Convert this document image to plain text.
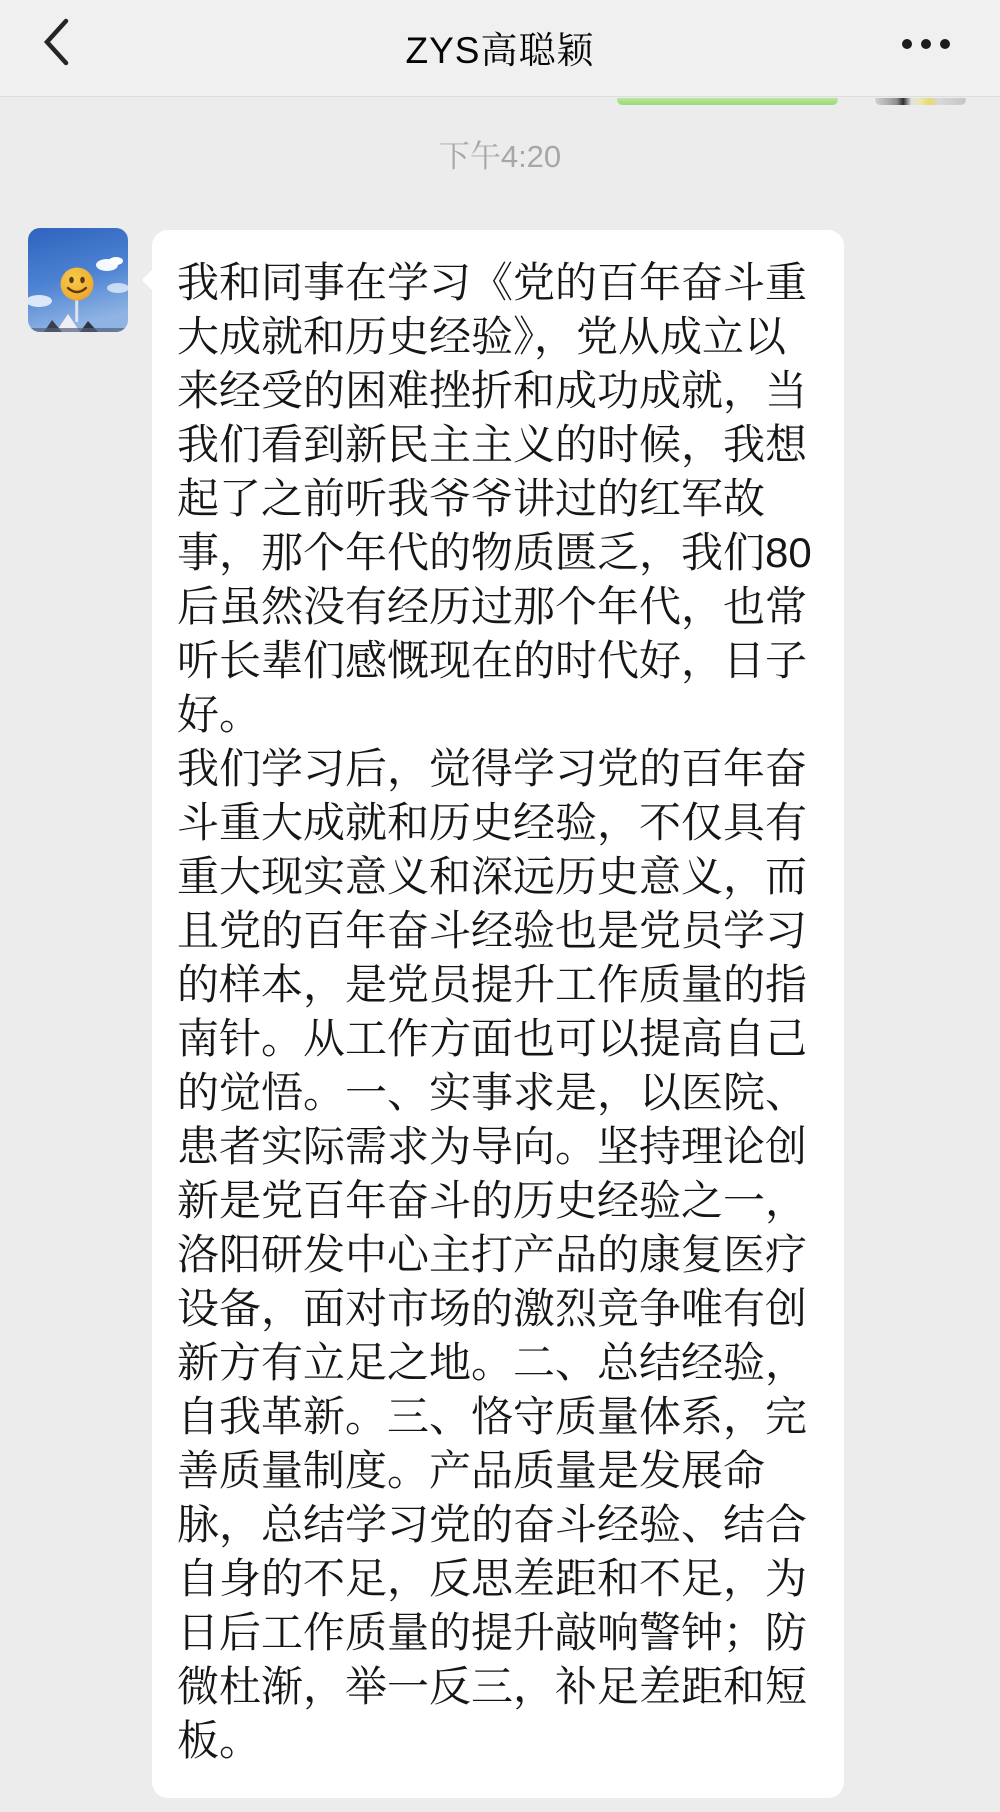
ZYS高聪颖
下午4:20

我和同事在学习《党的百年奋斗重大成就和历史经验》，党从成立以来经受的困难挫折和成功成就，当我们看到新民主主义的时候，我想起了之前听我爷爷讲过的红军故事，那个年代的物质匮乏，我们80 后虽然没有经历过那个年代，也常听长辈们感慨现在的时代好，日子好。

我们学习后，觉得学习党的百年奋斗重大成就和历史经验，不仅具有重大现实意义和深远历史意义，而且党的百年奋斗经验也是党员学习的样本，是党员提升工作质量的指南针。从工作方面也可以提高自己的觉悟。一、实事求是，以医院、患者实际需求为导向。坚持理论创新是党百年奋斗的历史经验之一，洛阳研发中心主打产品的康复医疗设备，面对市场的激烈竞争唯有创新方有立足之地。二、总结经验，自我革新。三、恪守质量体系，完善质量制度。产品质量是发展命脉，总结学习党的奋斗经验、结合自身的不足，反思差距和不足，为日后工作质量的提升敲响警钟；防微杜渐，举一反三，补足差距和短板。
